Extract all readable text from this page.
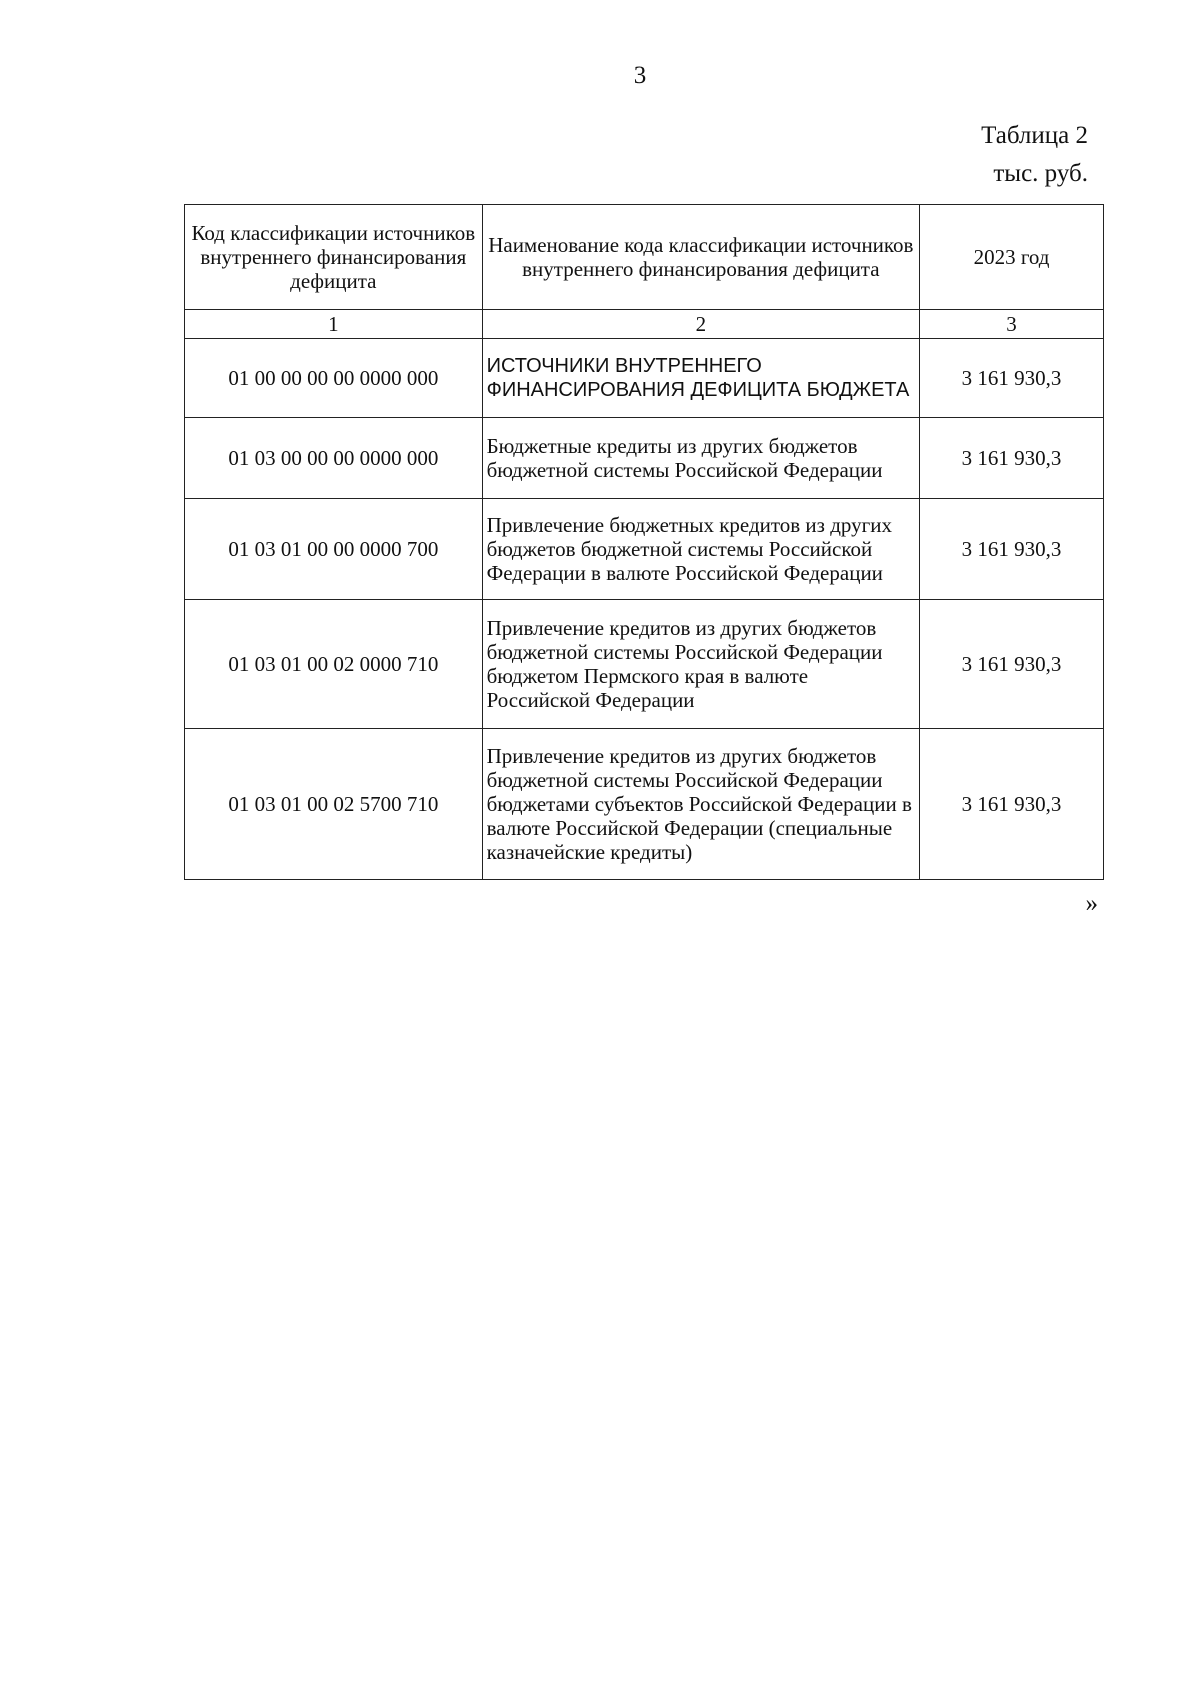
3
Таблица 2
тыс. руб.
Код классификации источников внутреннего финансирования дефицита	Наименование кода классификации источников внутреннего финансирования дефицита	2023 год
1	2	3
01 00 00 00 00 0000 000	ИСТОЧНИКИ ВНУТРЕННЕГО ФИНАНСИРОВАНИЯ ДЕФИЦИТА БЮДЖЕТА	3 161 930,3
01 03 00 00 00 0000 000	Бюджетные кредиты из других бюджетов бюджетной системы Российской Федерации	3 161 930,3
01 03 01 00 00 0000 700	Привлечение бюджетных кредитов из других бюджетов бюджетной системы Российской Федерации в валюте Российской Федерации	3 161 930,3
01 03 01 00 02 0000 710	Привлечение кредитов из других бюджетов бюджетной системы Российской Федерации бюджетом Пермского края в валюте Российской Федерации	3 161 930,3
01 03 01 00 02 5700 710	Привлечение кредитов из других бюджетов бюджетной системы Российской Федерации бюджетами субъектов Российской Федерации в валюте Российской Федерации (специальные казначейские кредиты)	3 161 930,3
»
